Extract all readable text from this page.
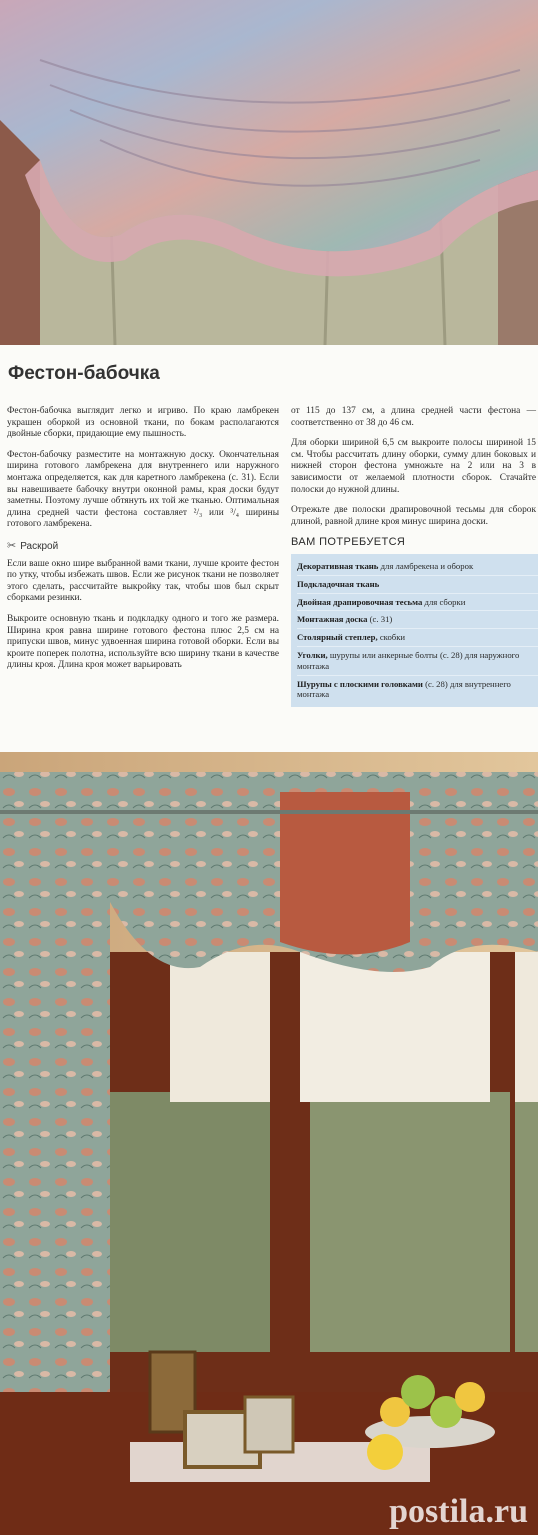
Фестон-бабочка

Фестон-бабочка выглядит легко и игриво. По краю ламбрекен украшен оборкой из основной ткани, по бокам располагаются двойные сборки, придающие ему пышность.

Фестон-бабочку разместите на монтажную доску. Окончательная ширина готового ламбрекена для внутреннего или наружного монтажа определяется, как для каретного ламбрекена (с. 31). Если вы навешиваете бабочку внутри оконной рамы, края доски будут заметны. Поэтому лучше обтянуть их той же тканью. Оптимальная длина средней части фестона составляет ²/₃ или ³/₄ ширины готового ламбрекена.

✂ Раскрой

Если ваше окно шире выбранной вами ткани, лучше кроите фестон по утку, чтобы избежать швов. Если же рисунок ткани не позволяет этого сделать, рассчитайте выкройку так, чтобы шов был скрыт сборками резинки.

Выкроите основную ткань и подкладку одного и того же размера. Ширина кроя равна ширине готового фестона плюс 2,5 см на припуски швов, минус удвоенная ширина готовой оборки. Если вы кроите поперек полотна, используйте всю ширину ткани в качестве длины кроя. Длина крoя может варьировать

от 115 до 137 см, а длина средней части фестона — соответственно от 38 до 46 см.

Для оборки шириной 6,5 см выкроите полосы шириной 15 см. Чтобы рассчитать длину оборки, сумму длин боковых и нижней сторон фестона умножьте на 2 или на 3 в зависимости от желаемой плотности сборок. Стачайте полоски до нужной длины.

Отрежьте две полоски драпировочной тесьмы для сборок длиной, равной длине кроя минус ширина доски.

ВАМ ПОТРЕБУЕТСЯ
Декоративная ткань для ламбрекена и оборок
Подкладочная ткань
Двойная драпировочная тесьма для сборки
Монтажная доска (с. 31)
Столярный степлер, скобки
Уголки, шурупы или анкерные болты (с. 28) для наружного монтажа
Шурупы с плоскими головками (с. 28) для внутреннего монтажа
postila.ru
